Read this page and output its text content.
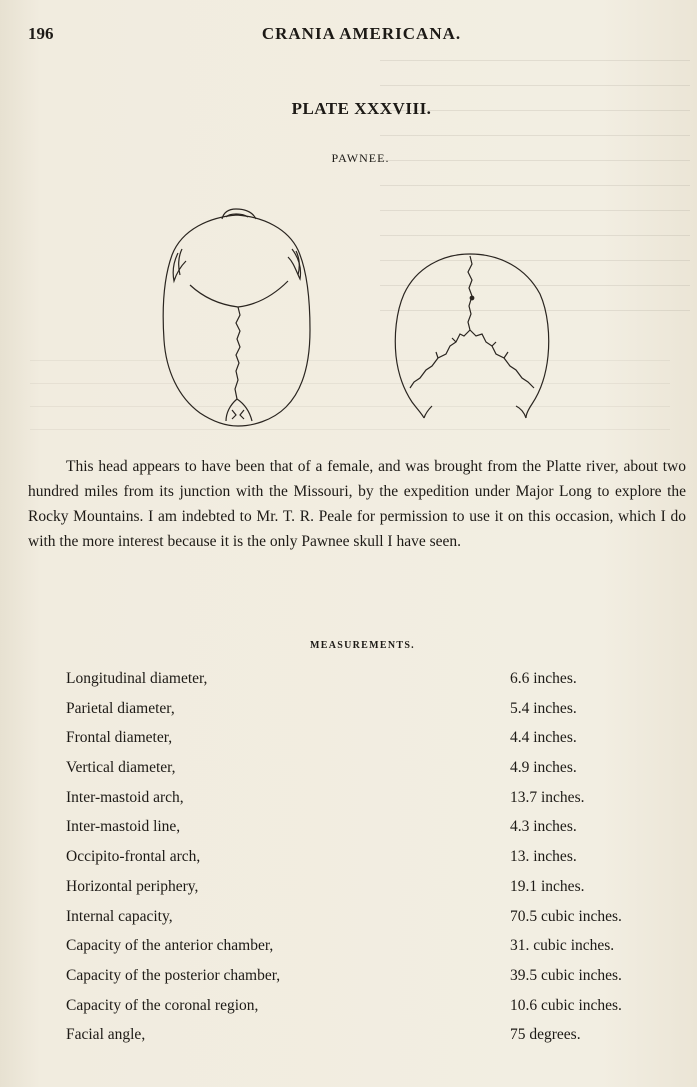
196	CRANIA AMERICANA.
PLATE XXXVIII.
PAWNEE.

This head appears to have been that of a female, and was brought from the Platte river, about two hundred miles from its junction with the Missouri, by the expedition under Major Long to explore the Rocky Mountains. I am indebted to Mr. T. R. Peale for permission to use it on this occasion, which I do with the more interest because it is the only Pawnee skull I have seen.

MEASUREMENTS.
Longitudinal diameter,	6.6 inches.
Parietal diameter,	5.4 inches.
Frontal diameter,	4.4 inches.
Vertical diameter,	4.9 inches.
Inter-mastoid arch,	13.7 inches.
Inter-mastoid line,	4.3 inches.
Occipito-frontal arch,	13. inches.
Horizontal periphery,	19.1 inches.
Internal capacity,	70.5 cubic inches.
Capacity of the anterior chamber,	31. cubic inches.
Capacity of the posterior chamber,	39.5 cubic inches.
Capacity of the coronal region,	10.6 cubic inches.
Facial angle,	75 degrees.
